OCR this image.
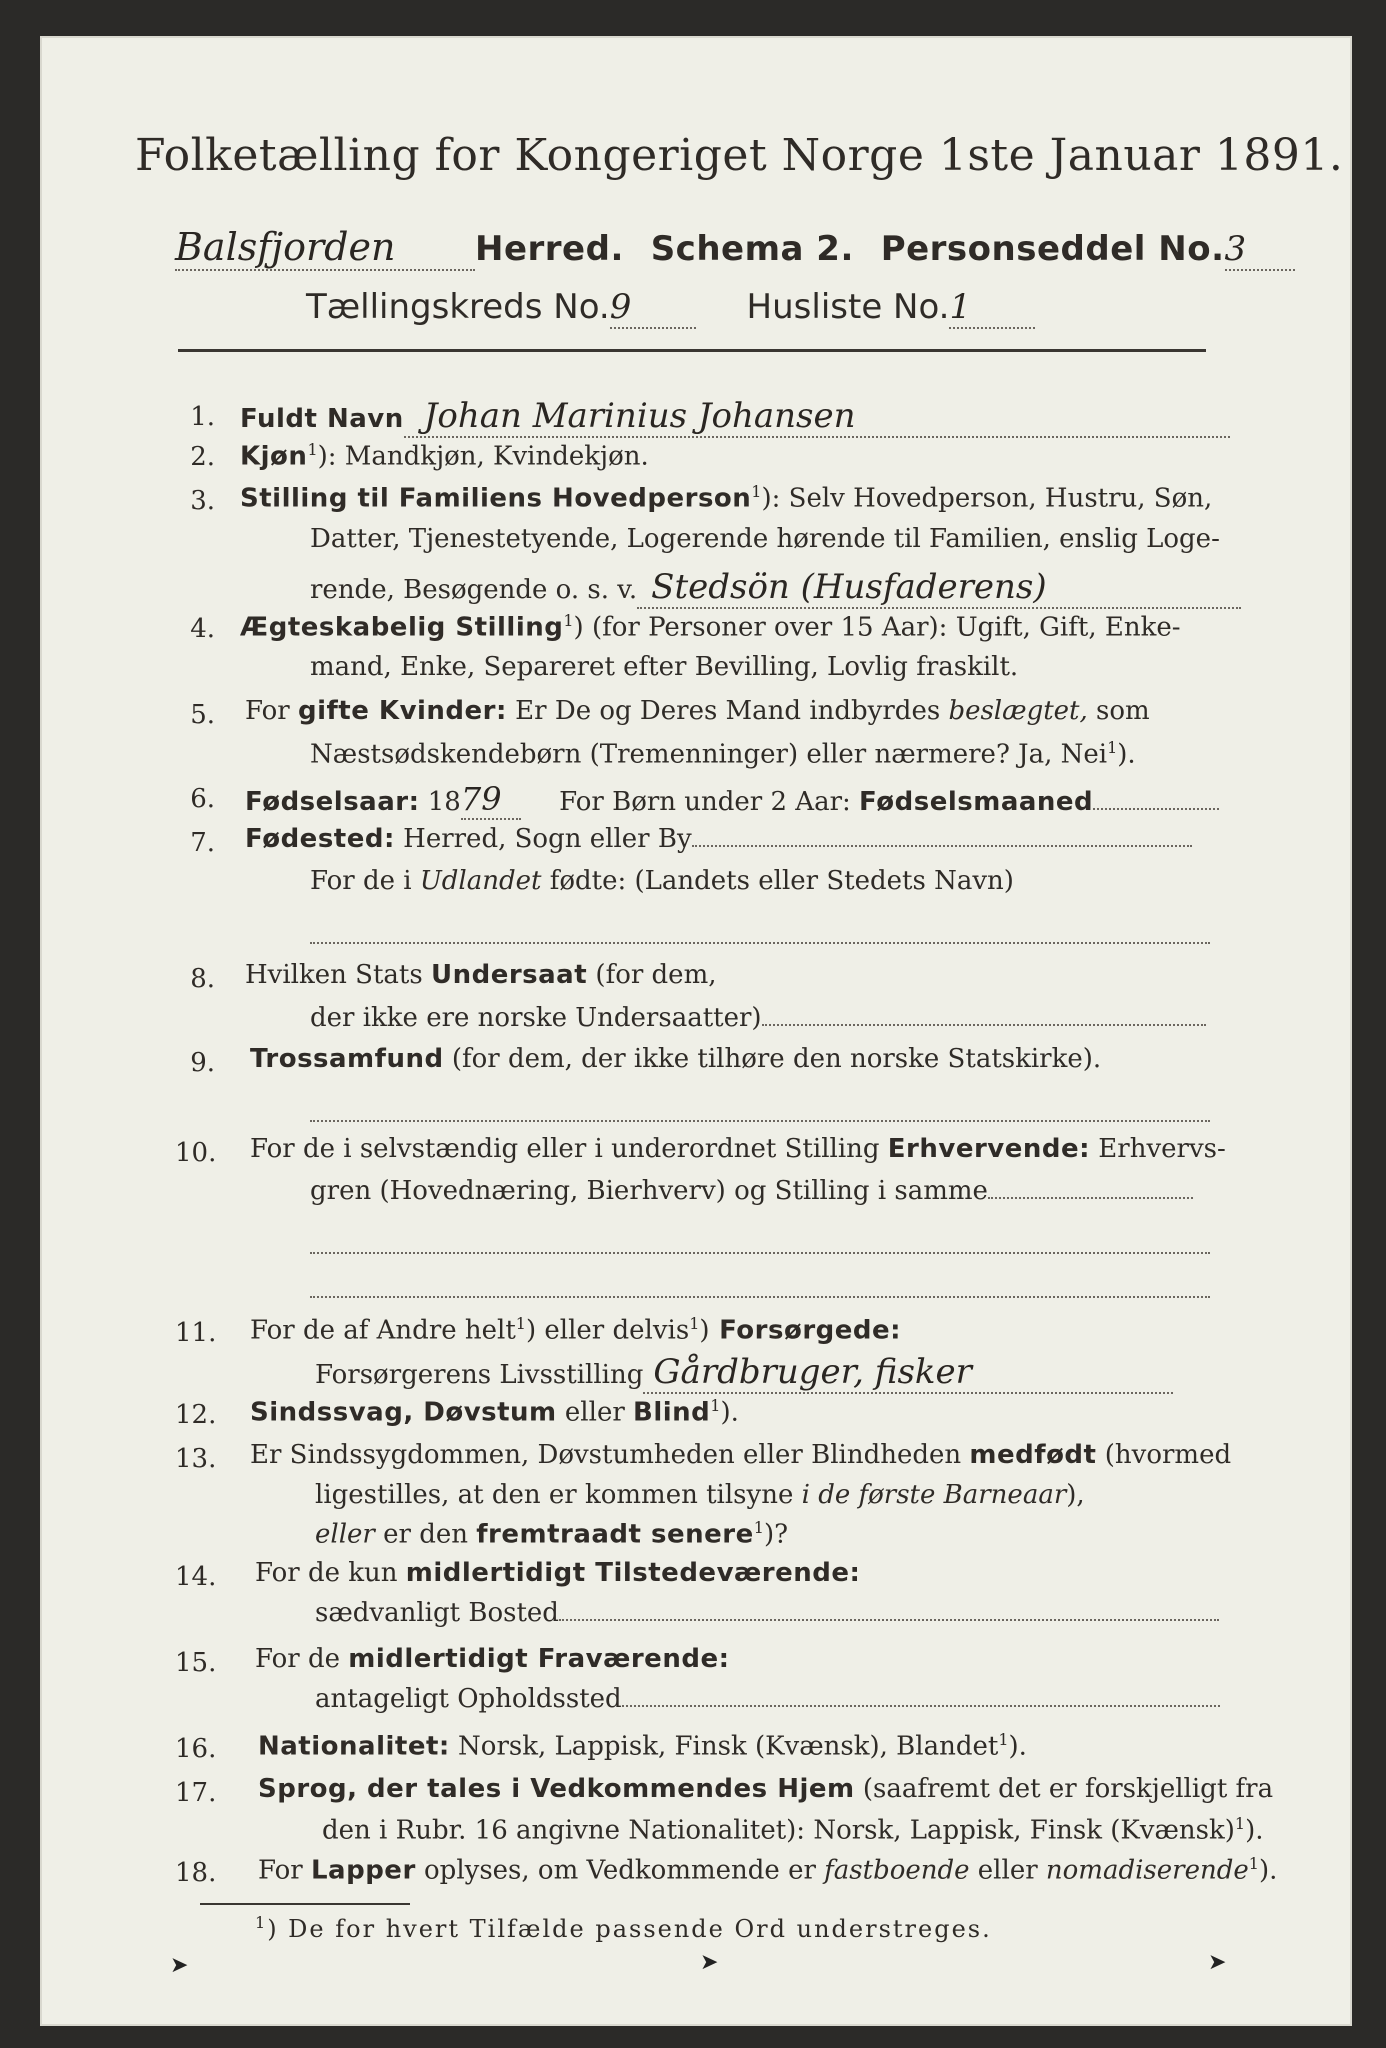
Folketælling for Kongeriget Norge 1ste Januar 1891.
Balsfjorden Herred. Schema 2. Personseddel No.3
Tællingskreds No.9	Husliste No.1
1. Fuldt Navn Johan Marinius Johansen
2. Kjøn$^1$): Mandkjøn, Kvindekjøn.
3. Stilling til Familiens Hovedperson$^1$): Selv Hovedperson, Hustru, Søn,
Datter, Tjenestetyende, Logerende hørende til Familien, enslig Loge-
rende, Besøgende o. s. v. Stedsön (Husfaderens)
4. Ægteskabelig Stilling$^1$) (for Personer over 15 Aar): Ugift, Gift, Enke-
mand, Enke, Separeret efter Bevilling, Lovlig fraskilt.
5. For gifte Kvinder: Er De og Deres Mand indbyrdes beslægtet, som
Næstsødskendebørn (Tremenninger) eller nærmere? Ja, Nei$^1$).
6. Fødselsaar: 1879 For Børn under 2 Aar: Fødselsmaaned
7. Fødested: Herred, Sogn eller By
For de i Udlandet fødte: (Landets eller Stedets Navn)

8. Hvilken Stats Undersaat (for dem,
der ikke ere norske Undersaatter)
9. Trossamfund (for dem, der ikke tilhøre den norske Statskirke).

10. For de i selvstændig eller i underordnet Stilling Erhvervende: Erhvervs-
gren (Hovednæring, Bierhverv) og Stilling i samme

11. For de af Andre helt$^1$) eller delvis$^1$) Forsørgede:
Forsørgerens Livsstilling Gårdbruger, fisker
12. Sindssvag, Døvstum eller Blind$^1$).
13. Er Sindssygdommen, Døvstumheden eller Blindheden medfødt (hvormed
ligestilles, at den er kommen tilsyne i de første Barneaar),
eller er den fremtraadt senere$^1$)?
14. For de kun midlertidigt Tilstedeværende:
sædvanligt Bosted
15. For de midlertidigt Fraværende:
antageligt Opholdssted
16. Nationalitet: Norsk, Lappisk, Finsk (Kvænsk), Blandet$^1$).
17. Sprog, der tales i Vedkommendes Hjem (saafremt det er forskjelligt fra
den i Rubr. 16 angivne Nationalitet): Norsk, Lappisk, Finsk (Kvænsk)$^1$).
18. For Lapper oplyses, om Vedkommende er fastboende eller nomadiserende$^1$).
$^1$) De for hvert Tilfælde passende Ord understreges.
➤	➤	➤
